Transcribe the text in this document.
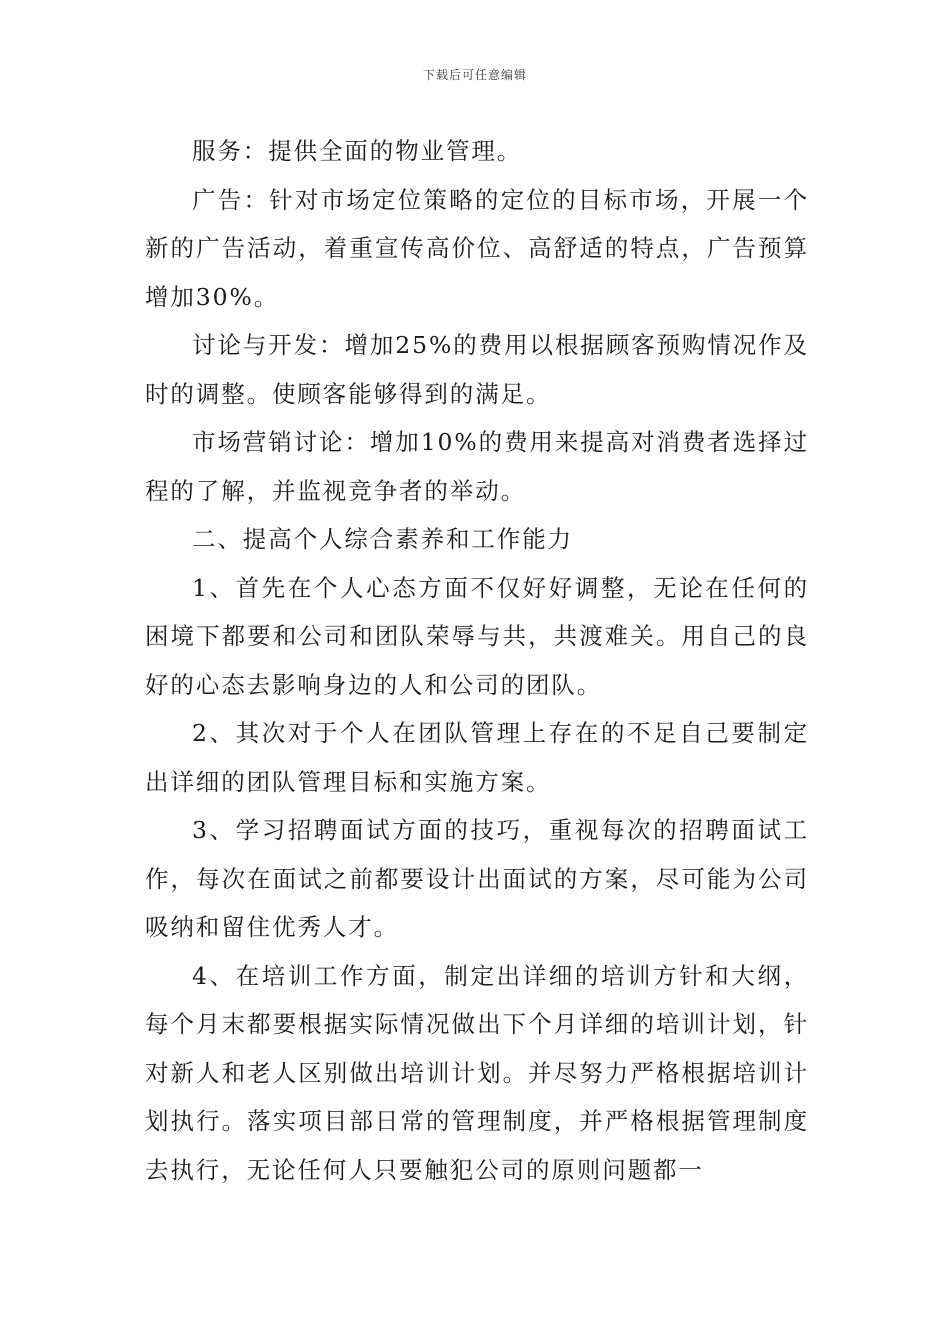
下载后可任意编辑

服务：提供全面的物业管理。

广告：针对市场定位策略的定位的目标市场，开展一个新的广告活动，着重宣传高价位、高舒适的特点，广告预算增加30%。

讨论与开发：增加25%的费用以根据顾客预购情况作及时的调整。使顾客能够得到的满足。

市场营销讨论：增加10%的费用来提高对消费者选择过程的了解，并监视竞争者的举动。

二、提高个人综合素养和工作能力

1、首先在个人心态方面不仅好好调整，无论在任何的困境下都要和公司和团队荣辱与共，共渡难关。用自己的良好的心态去影响身边的人和公司的团队。

2、其次对于个人在团队管理上存在的不足自己要制定出详细的团队管理目标和实施方案。

3、学习招聘面试方面的技巧，重视每次的招聘面试工作，每次在面试之前都要设计出面试的方案，尽可能为公司吸纳和留住优秀人才。

4、在培训工作方面，制定出详细的培训方针和大纲，每个月末都要根据实际情况做出下个月详细的培训计划，针对新人和老人区别做出培训计划。并尽努力严格根据培训计划执行。落实项目部日常的管理制度，并严格根据管理制度去执行，无论任何人只要触犯公司的原则问题都一
